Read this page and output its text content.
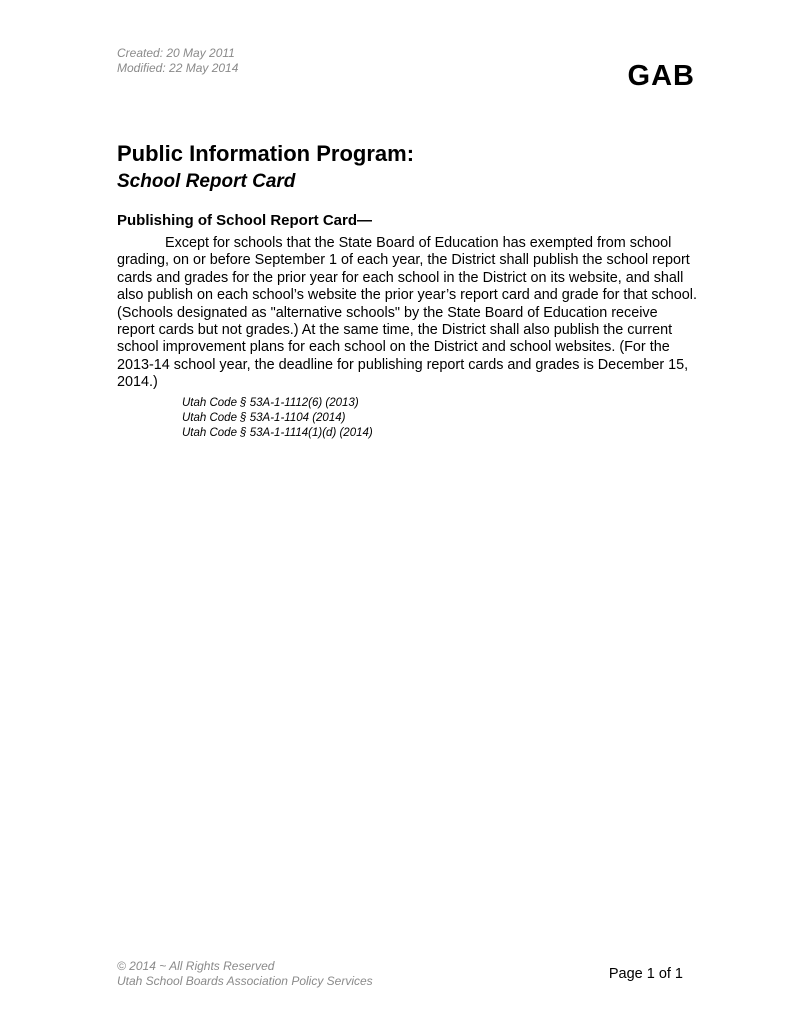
Created: 20 May 2011
Modified: 22 May 2014	GAB
Public Information Program:
School Report Card
Publishing of School Report Card—

Except for schools that the State Board of Education has exempted from school grading, on or before September 1 of each year, the District shall publish the school report cards and grades for the prior year for each school in the District on its website, and shall also publish on each school’s website the prior year’s report card and grade for that school. (Schools designated as "alternative schools" by the State Board of Education receive report cards but not grades.) At the same time, the District shall also publish the current school improvement plans for each school on the District and school websites. (For the 2013-14 school year, the deadline for publishing report cards and grades is December 15, 2014.)

Utah Code § 53A-1-1112(6) (2013)
Utah Code § 53A-1-1104 (2014)
Utah Code § 53A-1-1114(1)(d) (2014)
© 2014 ~ All Rights Reserved
Utah School Boards Association Policy Services	Page 1 of 1
